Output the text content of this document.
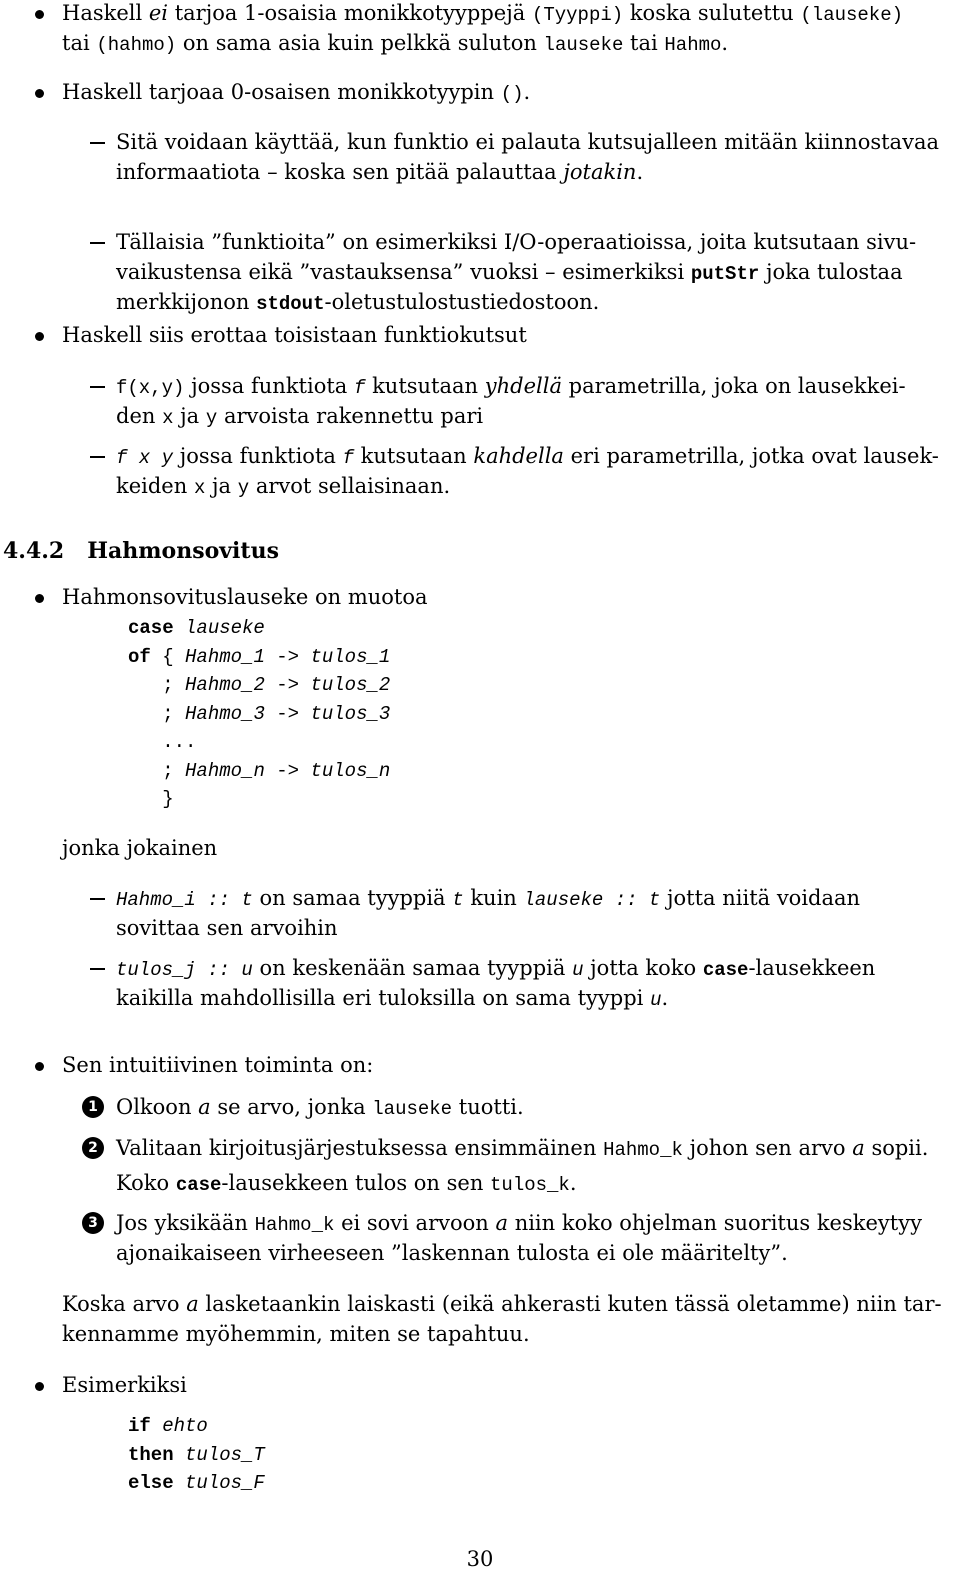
Haskell ei tarjoa 1-osaisia monikkotyyppejä (Tyyppi) koska sulutettu (lauseke)
tai (hahmo) on sama asia kuin pelkkä suluton lauseke tai Hahmo.
Haskell tarjoaa 0-osaisen monikkotyypin ().
Sitä voidaan käyttää, kun funktio ei palauta kutsujalleen mitään kiinnostavaa
informaatiota – koska sen pitää palauttaa jotakin.
Tällaisia ”funktioita” on esimerkiksi I/O-operaatioissa, joita kutsutaan sivu-
vaikustensa eikä ”vastauksensa” vuoksi – esimerkiksi putStr joka tulostaa
merkkijonon stdout-oletustulostustiedostoon.
Haskell siis erottaa toisistaan funktiokutsut
f(x,y) jossa funktiota f kutsutaan yhdellä parametrilla, joka on lausekkei-
den x ja y arvoista rakennettu pari
f x y jossa funktiota f kutsutaan kahdella eri parametrilla, jotka ovat lausek-
keiden x ja y arvot sellaisinaan.
4.4.2 Hahmonsovitus
Hahmonsovituslauseke on muotoa
case lauseke
of { Hahmo_1 -> tulos_1
; Hahmo_2 -> tulos_2
; Hahmo_3 -> tulos_3
...
; Hahmo_n -> tulos_n
}
jonka jokainen
Hahmo_i :: t on samaa tyyppiä t kuin lauseke :: t jotta niitä voidaan
sovittaa sen arvoihin
tulos_j :: u on keskenään samaa tyyppiä u jotta koko case-lausekkeen
kaikilla mahdollisilla eri tuloksilla on sama tyyppi u.
Sen intuitiivinen toiminta on:
1 Olkoon a se arvo, jonka lauseke tuotti.
2 Valitaan kirjoitusjärjestuksessa ensimmäinen Hahmo_k johon sen arvo a sopii.
Koko case-lausekkeen tulos on sen tulos_k.
3 Jos yksikään Hahmo_k ei sovi arvoon a niin koko ohjelman suoritus keskeytyy
ajonaikaiseen virheeseen ”laskennan tulosta ei ole määritelty”.
Koska arvo a lasketaankin laiskasti (eikä ahkerasti kuten tässä oletamme) niin tar-
kennamme myöhemmin, miten se tapahtuu.
Esimerkiksi
if ehto
then tulos_T
else tulos_F
30
